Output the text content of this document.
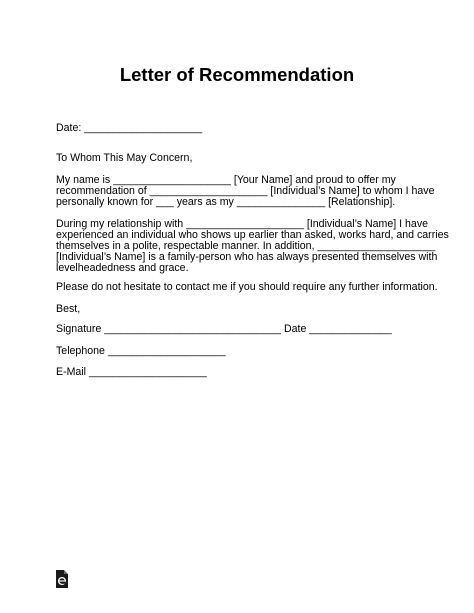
Letter of Recommendation
Date: ____________________
To Whom This May Concern,
My name is ____________________ [Your Name] and proud to offer my
recommendation of ____________________ [Individual’s Name] to whom I have
personally known for ___ years as my _______________ [Relationship].
During my relationship with ____________________ [Individual’s Name] I have
experienced an individual who shows up earlier than asked, works hard, and carries
themselves in a polite, respectable manner. In addition, ____________________
[Individual’s Name] is a family-person who has always presented themselves with
levelheadedness and grace.
Please do not hesitate to contact me if you should require any further information.
Best,
Signature ______________________________ Date ______________
Telephone ____________________
E-Mail ____________________
